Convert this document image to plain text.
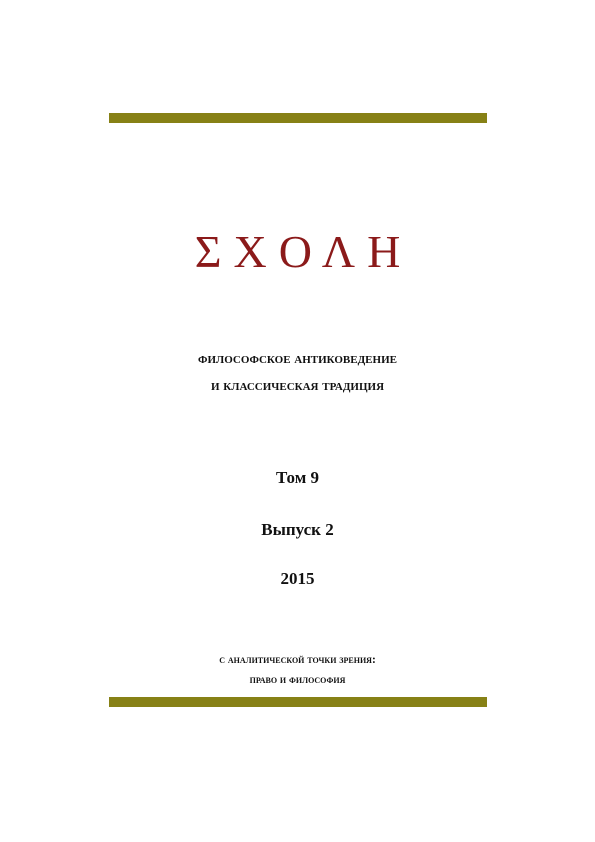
ΣΧΟΛΗ
философское антиковедение
и классическая традиция
Том 9
Выпуск 2
2015
с аналитической точки зрения:
право и философия
